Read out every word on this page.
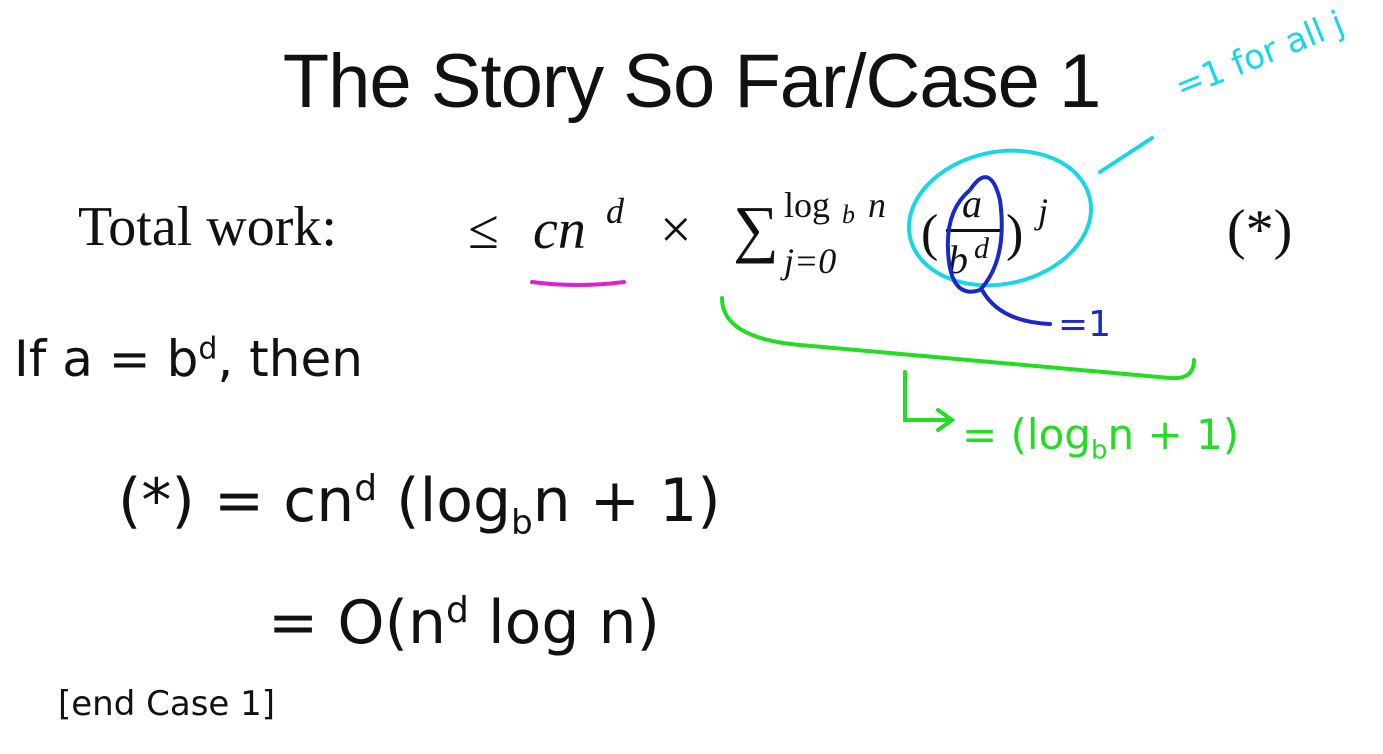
The Story So Far/Case 1
Total work: ≤ cn d × ∑ log b n
j=0 (
a
b d ) j	(*)
=1 for all j
=1
= $(\log_bn + 1)$
If $a = b^d$, then
(*) = $cn^d$ $(\log_bn + 1)$
= $O(n^d$ log n)
[end Case 1]
